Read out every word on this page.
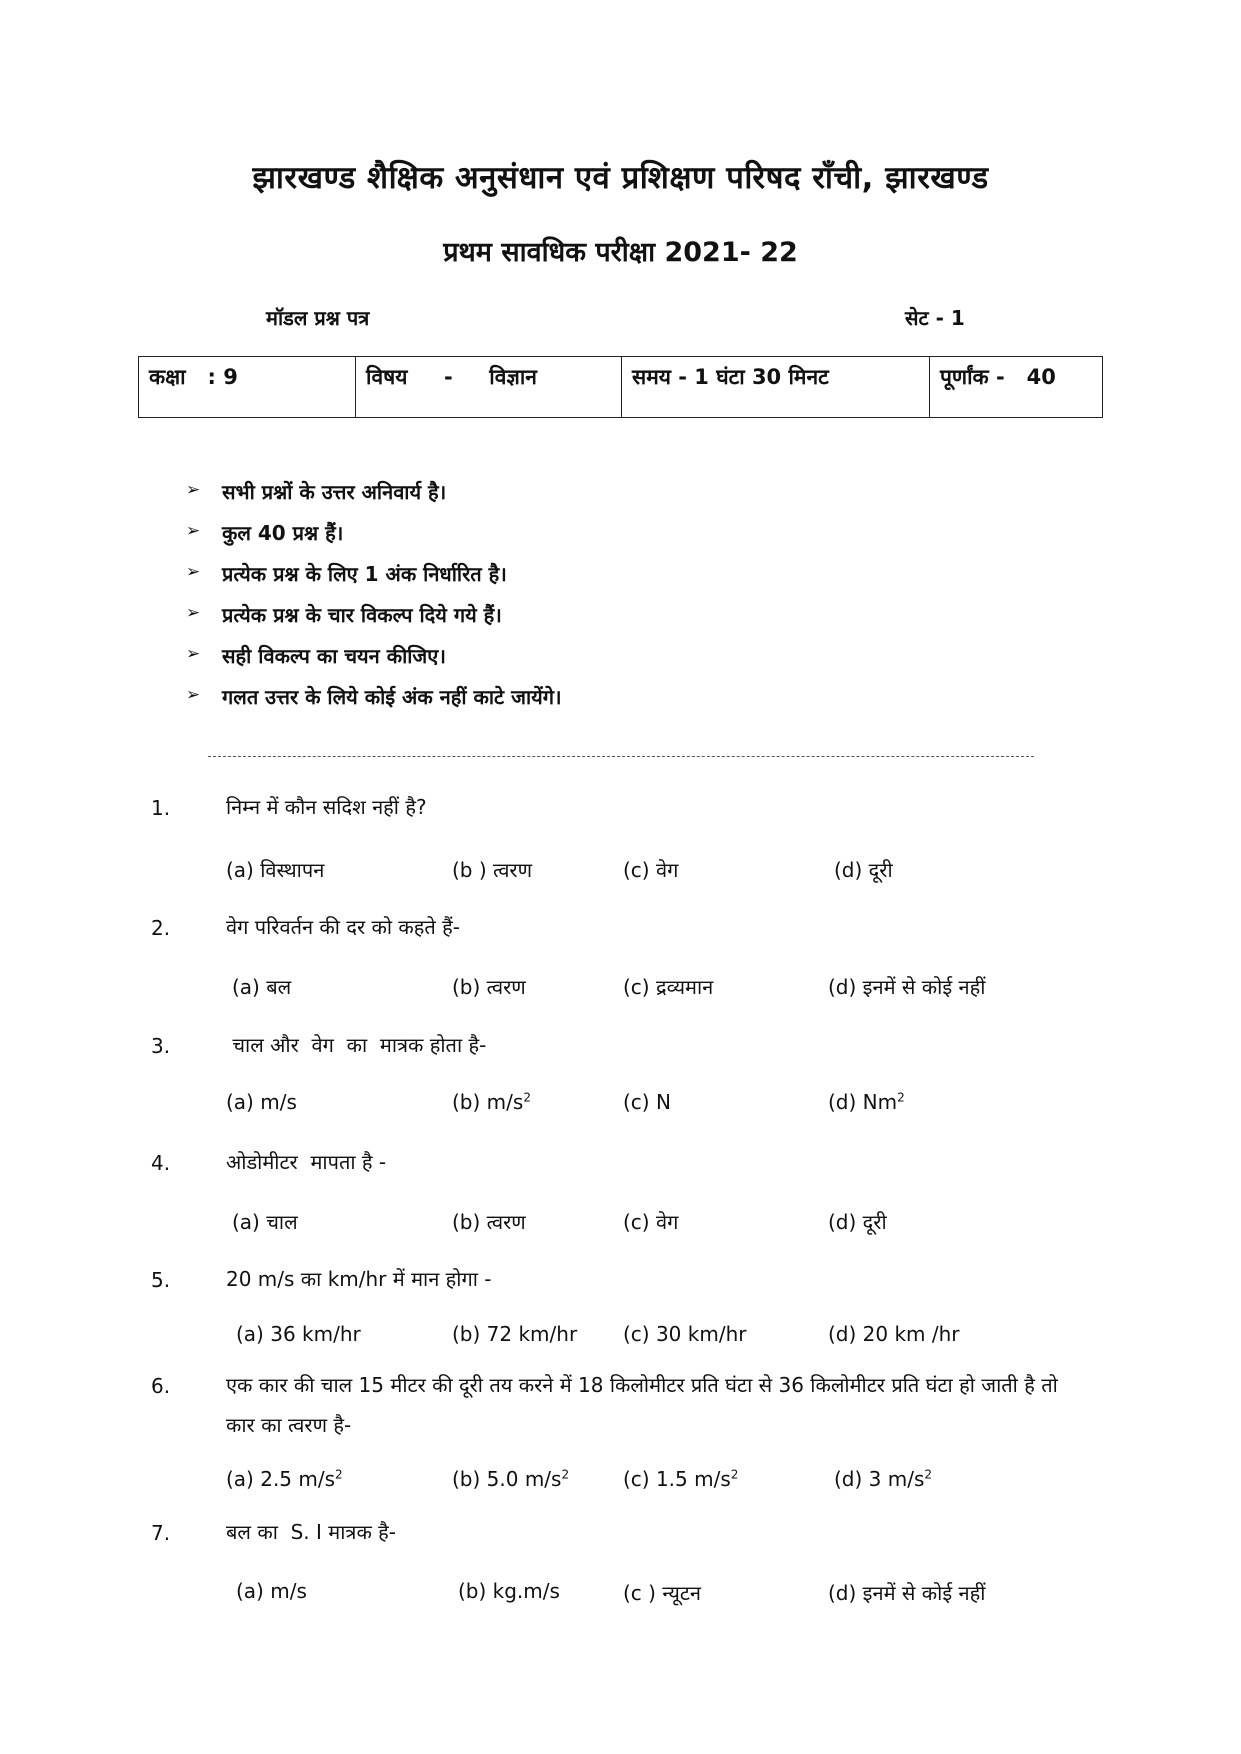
झारखण्ड शैक्षिक अनुसंधान एवं प्रशिक्षण परिषद राँची, झारखण्ड
प्रथम सावधिक परीक्षा 2021- 22
मॉडल प्रश्न पत्र	सेट - 1
कक्षा   : 9	विषय     -     विज्ञान	समय - 1 घंटा 30 मिनट	पूर्णांक -   40
➢	सभी प्रश्नों के उत्तर अनिवार्य है।
➢	कुल 40 प्रश्न हैं।
➢	प्रत्येक प्रश्न के लिए 1 अंक निर्धारित है।
➢	प्रत्येक प्रश्न के चार विकल्प दिये गये हैं।
➢	सही विकल्प का चयन कीजिए।
➢	गलत उत्तर के लिये कोई अंक नहीं काटे जायेंगे।
1.	निम्न में कौन सदिश नहीं है?
(a) विस्थापन	(b ) त्वरण	(c) वेग	(d) दूरी
2.	वेग परिवर्तन की दर को कहते हैं-
(a) बल	(b) त्वरण	(c) द्रव्यमान	(d) इनमें से कोई नहीं
3.	चाल और  वेग  का  मात्रक होता है-
(a) m/s	(b) $m/s^2$	(c) N	(d) Nm$^2$
4.	ओडोमीटर  मापता है -
(a) चाल	(b) त्वरण	(c) वेग	(d) दूरी
5.	20 m/s का km/hr में मान होगा -
(a) 36 km/hr	(b) 72 km/hr (c) 30 km/hr	(d) 20 km /hr
6.	एक कार की चाल 15 मीटर की दूरी तय करने में 18 किलोमीटर प्रति घंटा से 36 किलोमीटर प्रति घंटा हो जाती है तो कार का त्वरण है-
(a) 2.5 $m/s^2$	(b) 5.0 $m/s^2$	(c) 1.5 $m/s^2$	(d) 3 $m/s^2$
7.	बल का  S. I मात्रक है-
(a) m/s	(b) kg.m/s	(c ) न्यूटन	(d) इनमें से कोई नहीं
